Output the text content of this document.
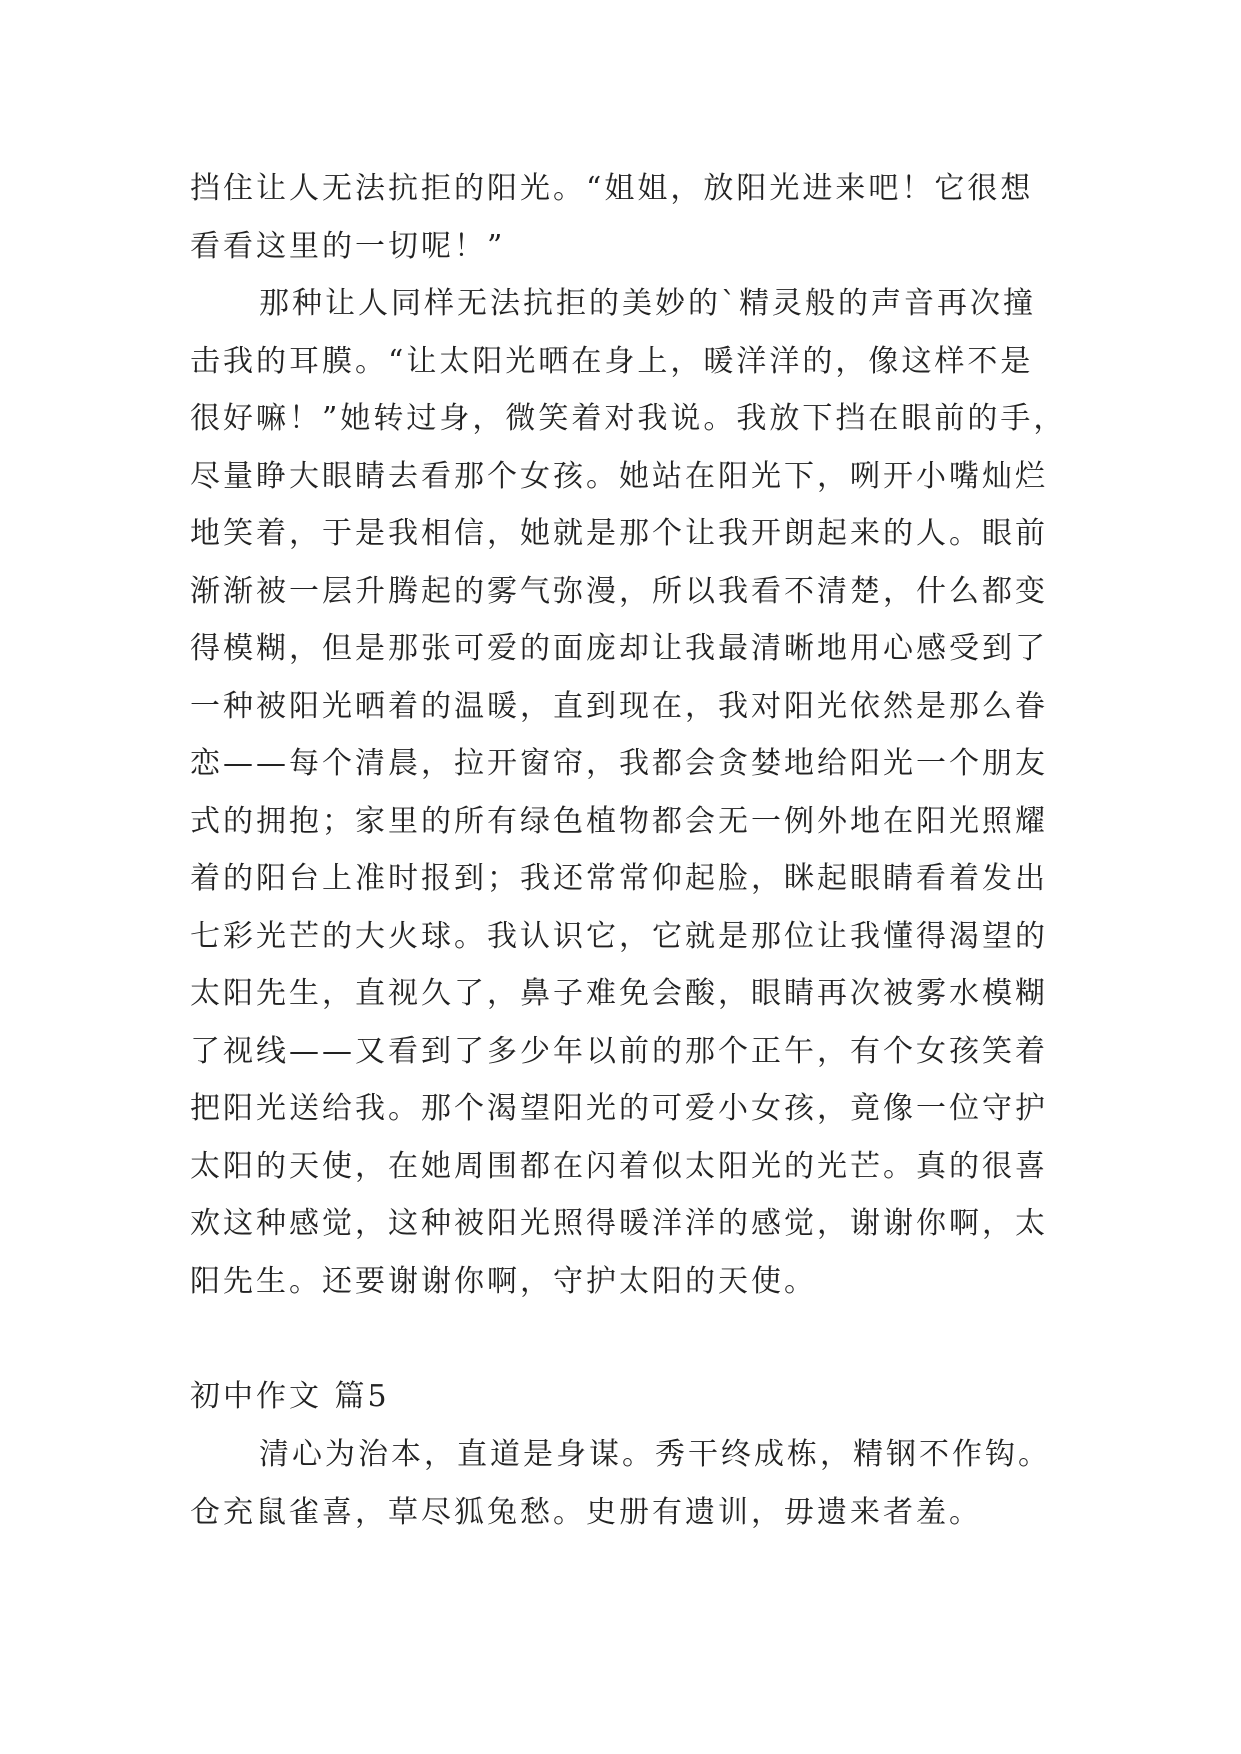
挡住让人无法抗拒的阳光。“姐姐，放阳光进来吧！它很想
看看这里的一切呢！”
那种让人同样无法抗拒的美妙的`精灵般的声音再次撞
击我的耳膜。“让太阳光晒在身上，暖洋洋的，像这样不是
很好嘛！”她转过身，微笑着对我说。我放下挡在眼前的手，
尽量睁大眼睛去看那个女孩。她站在阳光下，咧开小嘴灿烂
地笑着，于是我相信，她就是那个让我开朗起来的人。眼前
渐渐被一层升腾起的雾气弥漫，所以我看不清楚，什么都变
得模糊，但是那张可爱的面庞却让我最清晰地用心感受到了
一种被阳光晒着的温暖，直到现在，我对阳光依然是那么眷
恋——每个清晨，拉开窗帘，我都会贪婪地给阳光一个朋友
式的拥抱；家里的所有绿色植物都会无一例外地在阳光照耀
着的阳台上准时报到；我还常常仰起脸，眯起眼睛看着发出
七彩光芒的大火球。我认识它，它就是那位让我懂得渴望的
太阳先生，直视久了，鼻子难免会酸，眼睛再次被雾水模糊
了视线——又看到了多少年以前的那个正午，有个女孩笑着
把阳光送给我。那个渴望阳光的可爱小女孩，竟像一位守护
太阳的天使，在她周围都在闪着似太阳光的光芒。真的很喜
欢这种感觉，这种被阳光照得暖洋洋的感觉，谢谢你啊，太
阳先生。还要谢谢你啊，守护太阳的天使。
初中作文 篇5
清心为治本，直道是身谋。秀干终成栋，精钢不作钩。
仓充鼠雀喜，草尽狐兔愁。史册有遗训，毋遗来者羞。
